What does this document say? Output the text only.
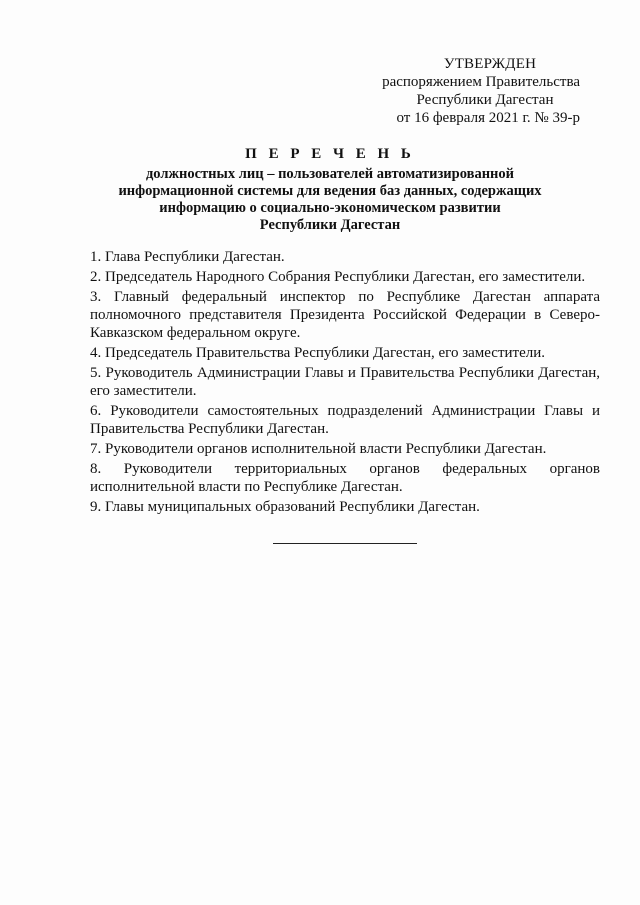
УТВЕРЖДЕН
распоряжением Правительства
Республики Дагестан
от 16 февраля 2021 г. № 39-р
П Е Р Е Ч Е Н Ь
должностных лиц – пользователей автоматизированной
информационной системы для ведения баз данных, содержащих
информацию о социально-экономическом развитии
Республики Дагестан
1. Глава Республики Дагестан.
2. Председатель Народного Собрания Республики Дагестан, его заместители.
3. Главный федеральный инспектор по Республике Дагестан аппарата полномочного представителя Президента Российской Федерации в Северо-Кавказском федеральном округе.
4. Председатель Правительства Республики Дагестан, его заместители.
5. Руководитель Администрации Главы и Правительства Республики Дагестан, его заместители.
6. Руководители самостоятельных подразделений Администрации Главы и Правительства Республики Дагестан.
7. Руководители органов исполнительной власти Республики Дагестан.
8. Руководители территориальных органов федеральных органов исполнительной власти по Республике Дагестан.
9. Главы муниципальных образований Республики Дагестан.
